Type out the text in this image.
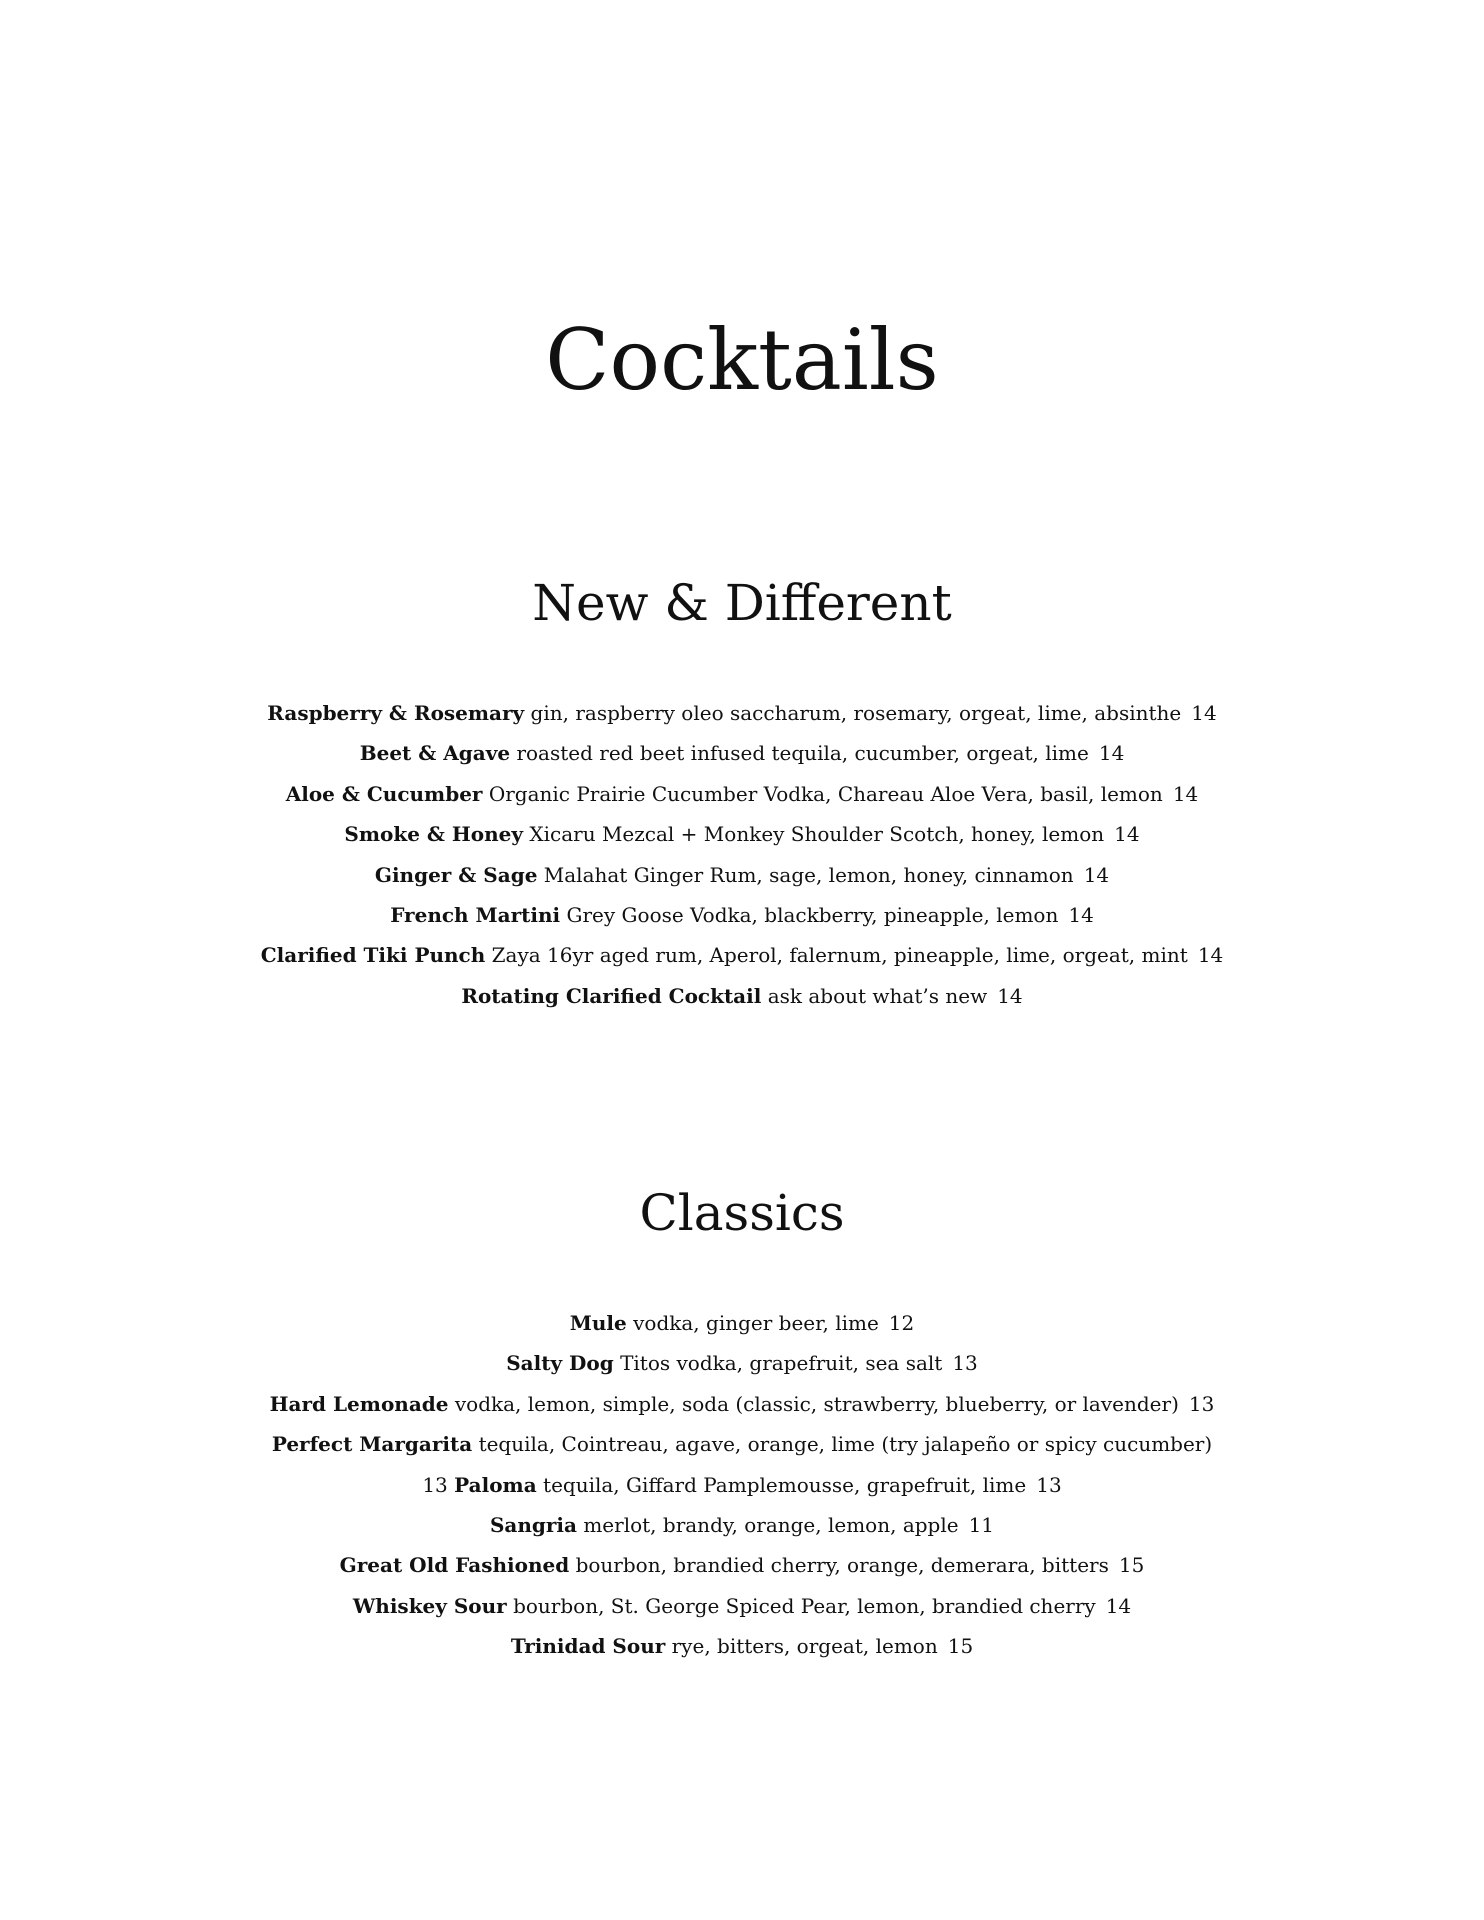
Cocktails
New & Different
Raspberry & Rosemary gin, raspberry oleo saccharum, rosemary, orgeat, lime, absinthe 14
Beet & Agave roasted red beet infused tequila, cucumber, orgeat, lime 14
Aloe & Cucumber Organic Prairie Cucumber Vodka, Chareau Aloe Vera, basil, lemon 14
Smoke & Honey Xicaru Mezcal + Monkey Shoulder Scotch, honey, lemon 14
Ginger & Sage Malahat Ginger Rum, sage, lemon, honey, cinnamon 14
French Martini Grey Goose Vodka, blackberry, pineapple, lemon 14
Clarified Tiki Punch Zaya 16yr aged rum, Aperol, falernum, pineapple, lime, orgeat, mint 14
Rotating Clarified Cocktail ask about what’s new 14
Classics
Mule vodka, ginger beer, lime 12
Salty Dog Titos vodka, grapefruit, sea salt 13
Hard Lemonade vodka, lemon, simple, soda (classic, strawberry, blueberry, or lavender) 13
Perfect Margarita tequila, Cointreau, agave, orange, lime (try jalapeño or spicy cucumber)
13 Paloma tequila, Giffard Pamplemousse, grapefruit, lime 13
Sangria merlot, brandy, orange, lemon, apple 11
Great Old Fashioned bourbon, brandied cherry, orange, demerara, bitters 15
Whiskey Sour bourbon, St. George Spiced Pear, lemon, brandied cherry 14
Trinidad Sour rye, bitters, orgeat, lemon 15
